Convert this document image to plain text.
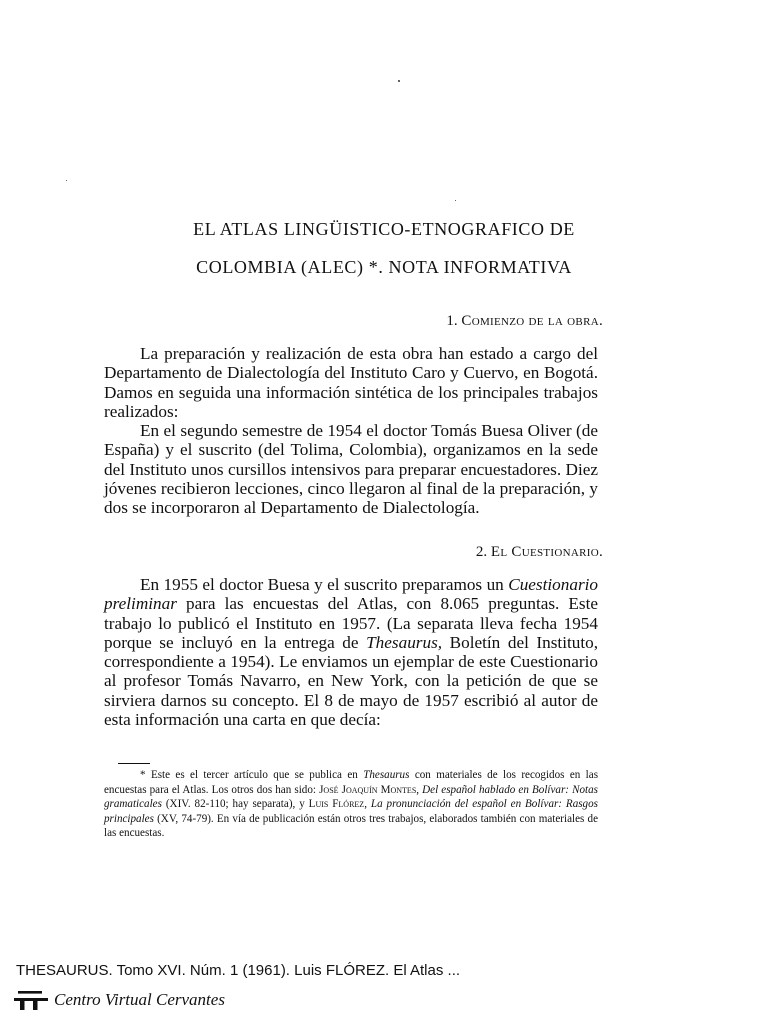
EL ATLAS LINGÜISTICO-ETNOGRAFICO DE
COLOMBIA (ALEC) *. NOTA INFORMATIVA
1. Comienzo de la obra.

La preparación y realización de esta obra han estado a cargo del Departamento de Dialectología del Instituto Caro y Cuervo, en Bogotá. Damos en seguida una información sintética de los principales trabajos realizados:

En el segundo semestre de 1954 el doctor Tomás Buesa Oliver (de España) y el suscrito (del Tolima, Colombia), organizamos en la sede del Instituto unos cursillos intensivos para preparar encuestadores. Diez jóvenes recibieron lecciones, cinco llegaron al final de la preparación, y dos se incorporaron al Departamento de Dialectología.

2. El Cuestionario.

En 1955 el doctor Buesa y el suscrito preparamos un Cuestionario preliminar para las encuestas del Atlas, con 8.065 preguntas. Este trabajo lo publicó el Instituto en 1957. (La separata lleva fecha 1954 porque se incluyó en la entrega de Thesaurus, Boletín del Instituto, correspondiente a 1954). Le enviamos un ejemplar de este Cuestionario al profesor Tomás Navarro, en New York, con la petición de que se sirviera darnos su concepto. El 8 de mayo de 1957 escribió al autor de esta información una carta en que decía:

* Este es el tercer artículo que se publica en Thesaurus con materiales de los recogidos en las encuestas para el Atlas. Los otros dos han sido: José Joaquín Montes, Del español hablado en Bolívar: Notas gramaticales (XIV. 82-110; hay separata), y Luis Flórez, La pronunciación del español en Bolívar: Rasgos principales (XV, 74-79). En vía de publicación están otros tres trabajos, elaborados también con materiales de las encuestas.

THESAURUS. Tomo XVI. Núm. 1 (1961). Luis FLÓREZ. El Atlas ...
Centro Virtual Cervantes
